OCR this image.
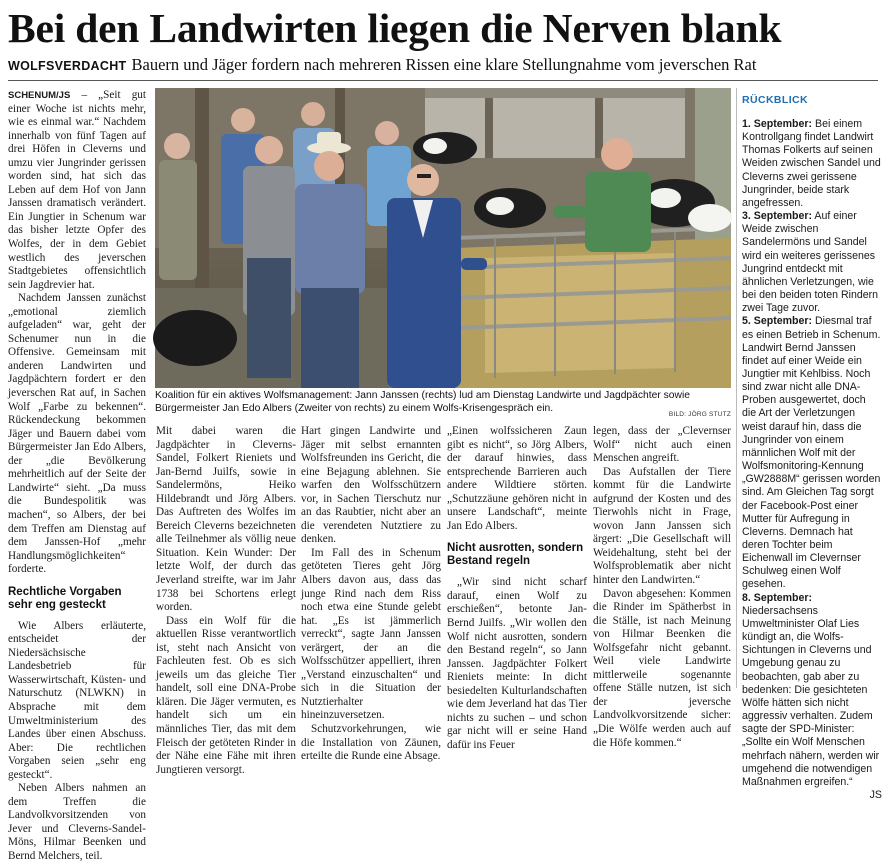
Bei den Landwirten liegen die Nerven blank
WOLFSVERDACHT Bauern und Jäger fordern nach mehreren Rissen eine klare Stellungnahme vom jeverschen Rat

SCHENUM/JS – „Seit gut einer Woche ist nichts mehr, wie es einmal war.“ Nachdem innerhalb von fünf Tagen auf drei Höfen in Cleverns und umzu vier Jungrinder gerissen worden sind, hat sich das Leben auf dem Hof von Jann Janssen dramatisch verändert. Ein Jungtier in Schenum war das bisher letzte Opfer des Wolfes, der in dem Gebiet westlich des jeverschen Stadtgebietes offensichtlich sein Jagdrevier hat.

Nachdem Janssen zunächst „emotional ziemlich aufgeladen“ war, geht der Schenumer nun in die Offensive. Gemeinsam mit anderen Landwirten und Jagdpächtern fordert er den jeverschen Rat auf, in Sachen Wolf „Farbe zu bekennen“. Rückendeckung bekommen Jäger und Bauern dabei vom Bürgermeister Jan Edo Albers, der „die Bevölkerung mehrheitlich auf der Seite der Landwirte“ sieht. „Da muss die Bundespolitik was machen“, so Albers, der bei dem Treffen am Dienstag auf dem Janssen-Hof „mehr Handlungsmöglichkeiten“ forderte.

Rechtliche Vorgaben sehr eng gesteckt

Wie Albers erläuterte, entscheidet der Niedersächsische Landesbetrieb für Wasserwirtschaft, Küsten- und Naturschutz (NLWKN) in Absprache mit dem Umweltministerium des Landes über einen Abschuss. Aber: Die rechtlichen Vorgaben seien „sehr eng gesteckt“.

Neben Albers nahmen an dem Treffen die Landvolkvorsitzenden von Jever und Cleverns-Sandel-Möns, Hilmar Beenken und Bernd Melchers, teil.

Koalition für ein aktives Wolfsmanagement: Jann Janssen (rechts) lud am Dienstag Landwirte und Jagdpächter sowie Bürgermeister Jan Edo Albers (Zweiter von rechts) zu einem Wolfs-Krisengespräch ein.
BILD: JÖRG STUTZ

Mit dabei waren die Jagdpächter in Cleverns-Sandel, Folkert Rieniets und Jan-Bernd Juilfs, sowie in Sandelermöns, Heiko Hildebrandt und Jörg Albers. Das Auftreten des Wolfes im Bereich Cleverns bezeichneten alle Teilnehmer als völlig neue Situation. Kein Wunder: Der letzte Wolf, der durch das Jeverland streifte, war im Jahr 1738 bei Schortens erlegt worden.

Dass ein Wolf für die aktuellen Risse verantwortlich ist, steht nach Ansicht von Fachleuten fest. Ob es sich jeweils um das gleiche Tier handelt, soll eine DNA-Probe klären. Die Jäger vermuten, es handelt sich um ein männliches Tier, das mit dem Fleisch der getöteten Rinder in der Nähe eine Fähe mit ihren Jungtieren versorgt.

Hart gingen Landwirte und Jäger mit selbst ernannten Wolfsfreunden ins Gericht, die eine Bejagung ablehnen. Sie warfen den Wolfsschützern vor, in Sachen Tierschutz nur an das Raubtier, nicht aber an die verendeten Nutztiere zu denken.

Im Fall des in Schenum getöteten Tieres geht Jörg Albers davon aus, dass das junge Rind nach dem Riss noch etwa eine Stunde gelebt hat. „Es ist jämmerlich verreckt“, sagte Jann Janssen verärgert, der an die Wolfsschützer appelliert, ihren „Verstand einzuschalten“ und sich in die Situation der Nutztierhalter hineinzuversetzen.

Schutzvorkehrungen, wie die Installation von Zäunen, erteilte die Runde eine Absage.

„Einen wolfssicheren Zaun gibt es nicht“, so Jörg Albers, der darauf hinwies, dass entsprechende Barrieren auch andere Wildtiere störten. „Schutzzäune gehören nicht in unsere Landschaft“, meinte Jan Edo Albers.

Nicht ausrotten, sondern Bestand regeln

„Wir sind nicht scharf darauf, einen Wolf zu erschießen“, betonte Jan-Bernd Juilfs. „Wir wollen den Wolf nicht ausrotten, sondern den Bestand regeln“, so Jann Janssen. Jagdpächter Folkert Rieniets meinte: In dicht besiedelten Kulturlandschaften wie dem Jeverland hat das Tier nichts zu suchen – und schon gar nicht will er seine Hand dafür ins Feuer

legen, dass der „Clevernser Wolf“ nicht auch einen Menschen angreift.

Das Aufstallen der Tiere kommt für die Landwirte aufgrund der Kosten und des Tierwohls nicht in Frage, wovon Jann Janssen sich ärgert: „Die Gesellschaft will Weidehaltung, steht bei der Wolfsproblematik aber nicht hinter den Landwirten.“

Davon abgesehen: Kommen die Rinder im Spätherbst in die Ställe, ist nach Meinung von Hilmar Beenken die Wolfsgefahr nicht gebannt. Weil viele Landwirte mittlerweile sogenannte offene Ställe nutzen, ist sich der jeversche Landvolkvorsitzende sicher: „Die Wölfe werden auch auf die Höfe kommen.“

RÜCKBLICK

1. September: Bei einem Kontrollgang findet Landwirt Thomas Folkerts auf seinen Weiden zwischen Sandel und Cleverns zwei gerissene Jungrinder, beide stark angefressen.

3. September: Auf einer Weide zwischen Sandelermöns und Sandel wird ein weiteres gerissenes Jungrind entdeckt mit ähnlichen Verletzungen, wie bei den beiden toten Rindern zwei Tage zuvor.

5. September: Diesmal traf es einen Betrieb in Schenum. Landwirt Bernd Janssen findet auf einer Weide ein Jungtier mit Kehlbiss. Noch sind zwar nicht alle DNA-Proben ausgewertet, doch die Art der Verletzungen weist darauf hin, dass die Jungrinder von einem männlichen Wolf mit der Wolfsmonitoring-Kennung „GW2888M“ gerissen worden sind. Am Gleichen Tag sorgt der Facebook-Post einer Mutter für Aufregung in Cleverns. Demnach hat deren Tochter beim Eichenwall im Clevernser Schulweg einen Wolf gesehen.

8. September: Niedersachsens Umweltminister Olaf Lies kündigt an, die Wolfs-Sichtungen in Cleverns und Umgebung genau zu beobachten, gab aber zu bedenken: Die gesichteten Wölfe hätten sich nicht aggressiv verhalten. Zudem sagte der SPD-Minister: „Sollte ein Wolf Menschen mehrfach nähern, werden wir umgehend die notwendigen Maßnahmen ergreifen.“

JS
